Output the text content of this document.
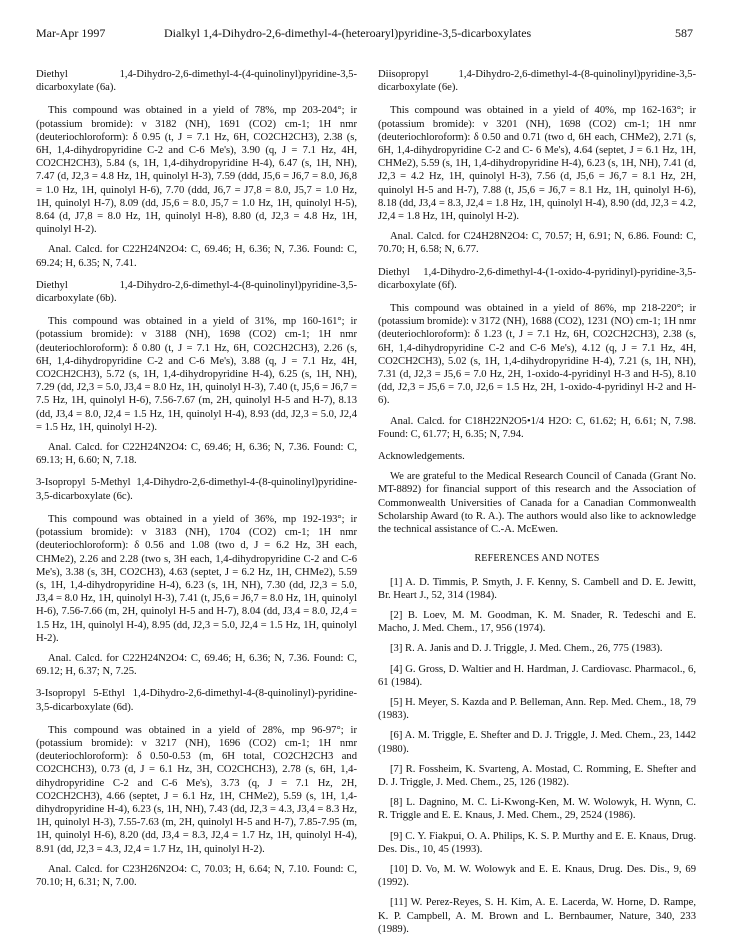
Mar-Apr 1997	Dialkyl 1,4-Dihydro-2,6-dimethyl-4-(heteroaryl)pyridine-3,5-dicarboxylates	587

Diethyl 1,4-Dihydro-2,6-dimethyl-4-(4-quinolinyl)pyridine-3,5-dicarboxylate (6a).

This compound was obtained in a yield of 78%, mp 203-204°; ir (potassium bromide): ν 3182 (NH), 1691 (CO2) cm-1; 1H nmr (deuteriochloroform): δ 0.95 (t, J = 7.1 Hz, 6H, CO2CH2CH3), 2.38 (s, 6H, 1,4-dihydropyridine C-2 and C-6 Me's), 3.90 (q, J = 7.1 Hz, 4H, CO2CH2CH3), 5.84 (s, 1H, 1,4-dihydropyridine H-4), 6.47 (s, 1H, NH), 7.47 (d, J2,3 = 4.8 Hz, 1H, quinolyl H-3), 7.59 (ddd, J5,6 = J6,7 = 8.0, J6,8 = 1.0 Hz, 1H, quinolyl H-6), 7.70 (ddd, J6,7 = J7,8 = 8.0, J5,7 = 1.0 Hz, 1H, quinolyl H-7), 8.09 (dd, J5,6 = 8.0, J5,7 = 1.0 Hz, 1H, quinolyl H-5), 8.64 (d, J7,8 = 8.0 Hz, 1H, quinolyl H-8), 8.80 (d, J2,3 = 4.8 Hz, 1H, quinolyl H-2).

Anal. Calcd. for C22H24N2O4: C, 69.46; H, 6.36; N, 7.36. Found: C, 69.24; H, 6.35; N, 7.41.

Diethyl 1,4-Dihydro-2,6-dimethyl-4-(8-quinolinyl)pyridine-3,5-dicarboxylate (6b).

This compound was obtained in a yield of 31%, mp 160-161°; ir (potassium bromide): ν 3188 (NH), 1698 (CO2) cm-1; 1H nmr (deuteriochloroform): δ 0.80 (t, J = 7.1 Hz, 6H, CO2CH2CH3), 2.26 (s, 6H, 1,4-dihydropyridine C-2 and C-6 Me's), 3.88 (q, J = 7.1 Hz, 4H, CO2CH2CH3), 5.72 (s, 1H, 1,4-dihydropyridine H-4), 6.25 (s, 1H, NH), 7.29 (dd, J2,3 = 5.0, J3,4 = 8.0 Hz, 1H, quinolyl H-3), 7.40 (t, J5,6 = J6,7 = 7.5 Hz, 1H, quinolyl H-6), 7.56-7.67 (m, 2H, quinolyl H-5 and H-7), 8.13 (dd, J3,4 = 8.0, J2,4 = 1.5 Hz, 1H, quinolyl H-4), 8.93 (dd, J2,3 = 5.0, J2,4 = 1.5 Hz, 1H, quinolyl H-2).

Anal. Calcd. for C22H24N2O4: C, 69.46; H, 6.36; N, 7.36. Found: C, 69.13; H, 6.60; N, 7.18.

3-Isopropyl 5-Methyl 1,4-Dihydro-2,6-dimethyl-4-(8-quinolinyl)pyridine-3,5-dicarboxylate (6c).

This compound was obtained in a yield of 36%, mp 192-193°; ir (potassium bromide): ν 3183 (NH), 1704 (CO2) cm-1; 1H nmr (deuteriochloroform): δ 0.56 and 1.08 (two d, J = 6.2 Hz, 3H each, CHMe2), 2.26 and 2.28 (two s, 3H each, 1,4-dihydropyridine C-2 and C-6 Me's), 3.38 (s, 3H, CO2CH3), 4.63 (septet, J = 6.2 Hz, 1H, CHMe2), 5.59 (s, 1H, 1,4-dihydropyridine H-4), 6.23 (s, 1H, NH), 7.30 (dd, J2,3 = 5.0, J3,4 = 8.0 Hz, 1H, quinolyl H-3), 7.41 (t, J5,6 = J6,7 = 8.0 Hz, 1H, quinolyl H-6), 7.56-7.66 (m, 2H, quinolyl H-5 and H-7), 8.04 (dd, J3,4 = 8.0, J2,4 = 1.5 Hz, 1H, quinolyl H-4), 8.95 (dd, J2,3 = 5.0, J2,4 = 1.5 Hz, 1H, quinolyl H-2).

Anal. Calcd. for C22H24N2O4: C, 69.46; H, 6.36; N, 7.36. Found: C, 69.12; H, 6.37; N, 7.25.

3-Isopropyl 5-Ethyl 1,4-Dihydro-2,6-dimethyl-4-(8-quinolinyl)-pyridine-3,5-dicarboxylate (6d).

This compound was obtained in a yield of 28%, mp 96-97°; ir (potassium bromide): ν 3217 (NH), 1696 (CO2) cm-1; 1H nmr (deuteriochloroform): δ 0.50-0.53 (m, 6H total, CO2CH2CH3 and CO2CHCH3), 0.73 (d, J = 6.1 Hz, 3H, CO2CHCH3), 2.78 (s, 6H, 1,4-dihydropyridine C-2 and C-6 Me's), 3.73 (q, J = 7.1 Hz, 2H, CO2CH2CH3), 4.66 (septet, J = 6.1 Hz, 1H, CHMe2), 5.59 (s, 1H, 1,4-dihydropyridine H-4), 6.23 (s, 1H, NH), 7.43 (dd, J2,3 = 4.3, J3,4 = 8.3 Hz, 1H, quinolyl H-3), 7.55-7.63 (m, 2H, quinolyl H-5 and H-7), 7.85-7.95 (m, 1H, quinolyl H-6), 8.20 (dd, J3,4 = 8.3, J2,4 = 1.7 Hz, 1H, quinolyl H-4), 8.91 (dd, J2,3 = 4.3, J2,4 = 1.7 Hz, 1H, quinolyl H-2).

Anal. Calcd. for C23H26N2O4: C, 70.03; H, 6.64; N, 7.10. Found: C, 70.10; H, 6.31; N, 7.00.

Diisopropyl 1,4-Dihydro-2,6-dimethyl-4-(8-quinolinyl)pyridine-3,5-dicarboxylate (6e).

This compound was obtained in a yield of 40%, mp 162-163°; ir (potassium bromide): ν 3201 (NH), 1698 (CO2) cm-1; 1H nmr (deuteriochloroform): δ 0.50 and 0.71 (two d, 6H each, CHMe2), 2.71 (s, 6H, 1,4-dihydropyridine C-2 and C- 6 Me's), 4.64 (septet, J = 6.1 Hz, 1H, CHMe2), 5.59 (s, 1H, 1,4-dihydropyridine H-4), 6.23 (s, 1H, NH), 7.41 (d, J2,3 = 4.2 Hz, 1H, quinolyl H-3), 7.56 (d, J5,6 = J6,7 = 8.1 Hz, 2H, quinolyl H-5 and H-7), 7.88 (t, J5,6 = J6,7 = 8.1 Hz, 1H, quinolyl H-6), 8.18 (dd, J3,4 = 8.3, J2,4 = 1.8 Hz, 1H, quinolyl H-4), 8.90 (dd, J2,3 = 4.2, J2,4 = 1.8 Hz, 1H, quinolyl H-2).

Anal. Calcd. for C24H28N2O4: C, 70.57; H, 6.91; N, 6.86. Found: C, 70.70; H, 6.58; N, 6.77.

Diethyl 1,4-Dihydro-2,6-dimethyl-4-(1-oxido-4-pyridinyl)-pyridine-3,5-dicarboxylate (6f).

This compound was obtained in a yield of 86%, mp 218-220°; ir (potassium bromide): ν 3172 (NH), 1688 (CO2), 1231 (NO) cm-1; 1H nmr (deuteriochloroform): δ 1.23 (t, J = 7.1 Hz, 6H, CO2CH2CH3), 2.38 (s, 6H, 1,4-dihydropyridine C-2 and C-6 Me's), 4.12 (q, J = 7.1 Hz, 4H, CO2CH2CH3), 5.02 (s, 1H, 1,4-dihydropyridine H-4), 7.21 (s, 1H, NH), 7.31 (d, J2,3 = J5,6 = 7.0 Hz, 2H, 1-oxido-4-pyridinyl H-3 and H-5), 8.10 (dd, J2,3 = J5,6 = 7.0, J2,6 = 1.5 Hz, 2H, 1-oxido-4-pyridinyl H-2 and H-6).

Anal. Calcd. for C18H22N2O5•1/4 H2O: C, 61.62; H, 6.61; N, 7.98. Found: C, 61.77; H, 6.35; N, 7.94.

Acknowledgements.

We are grateful to the Medical Research Council of Canada (Grant No. MT-8892) for financial support of this research and the Association of Commonwealth Universities of Canada for a Canadian Commonwealth Scholarship Award (to R. A.). The authors would also like to acknowledge the technical assistance of C.-A. McEwen.

REFERENCES AND NOTES

[1] A. D. Timmis, P. Smyth, J. F. Kenny, S. Cambell and D. E. Jewitt, Br. Heart J., 52, 314 (1984).

[2] B. Loev, M. M. Goodman, K. M. Snader, R. Tedeschi and E. Macho, J. Med. Chem., 17, 956 (1974).

[3] R. A. Janis and D. J. Triggle, J. Med. Chem., 26, 775 (1983).

[4] G. Gross, D. Waltier and H. Hardman, J. Cardiovasc. Pharmacol., 6, 61 (1984).

[5] H. Meyer, S. Kazda and P. Belleman, Ann. Rep. Med. Chem., 18, 79 (1983).

[6] A. M. Triggle, E. Shefter and D. J. Triggle, J. Med. Chem., 23, 1442 (1980).

[7] R. Fossheim, K. Svarteng, A. Mostad, C. Romming, E. Shefter and D. J. Triggle, J. Med. Chem., 25, 126 (1982).

[8] L. Dagnino, M. C. Li-Kwong-Ken, M. W. Wolowyk, H. Wynn, C. R. Triggle and E. E. Knaus, J. Med. Chem., 29, 2524 (1986).

[9] C. Y. Fiakpui, O. A. Philips, K. S. P. Murthy and E. E. Knaus, Drug. Des. Dis., 10, 45 (1993).

[10] D. Vo, M. W. Wolowyk and E. E. Knaus, Drug. Des. Dis., 9, 69 (1992).

[11] W. Perez-Reyes, S. H. Kim, A. E. Lacerda, W. Horne, D. Rampe, K. P. Campbell, A. M. Brown and L. Bernbaumer, Nature, 340, 233 (1989).
